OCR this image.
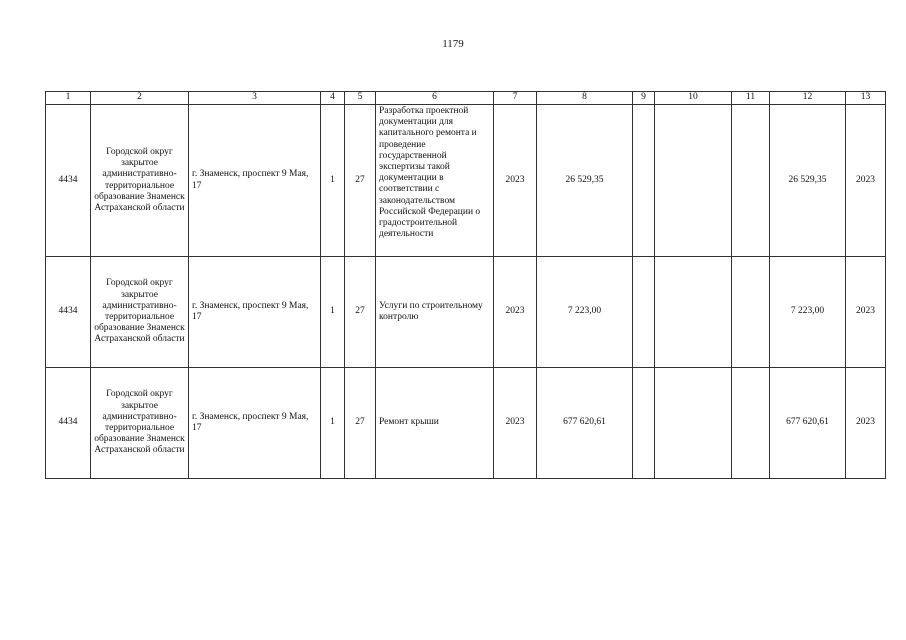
1179
1	2	3	4	5	6	7	8	9	10	11	12	13
4434	Городской округ закрытое административно-территориальное образование Знаменск Астраханской области	г. Знаменск, проспект 9 Мая, 17	1	27	Разработка проектной документации для капитального ремонта и проведение государственной экспертизы такой документации в соответствии с законодательством Российской Федерации о градостроительной деятельности	2023	26 529,35				26 529,35	2023
4434	Городской округ закрытое административно-территориальное образование Знаменск Астраханской области	г. Знаменск, проспект 9 Мая, 17	1	27	Услуги по строительному контролю	2023	7 223,00				7 223,00	2023
4434	Городской округ закрытое административно-территориальное образование Знаменск Астраханской области	г. Знаменск, проспект 9 Мая, 17	1	27	Ремонт крыши	2023	677 620,61				677 620,61	2023
